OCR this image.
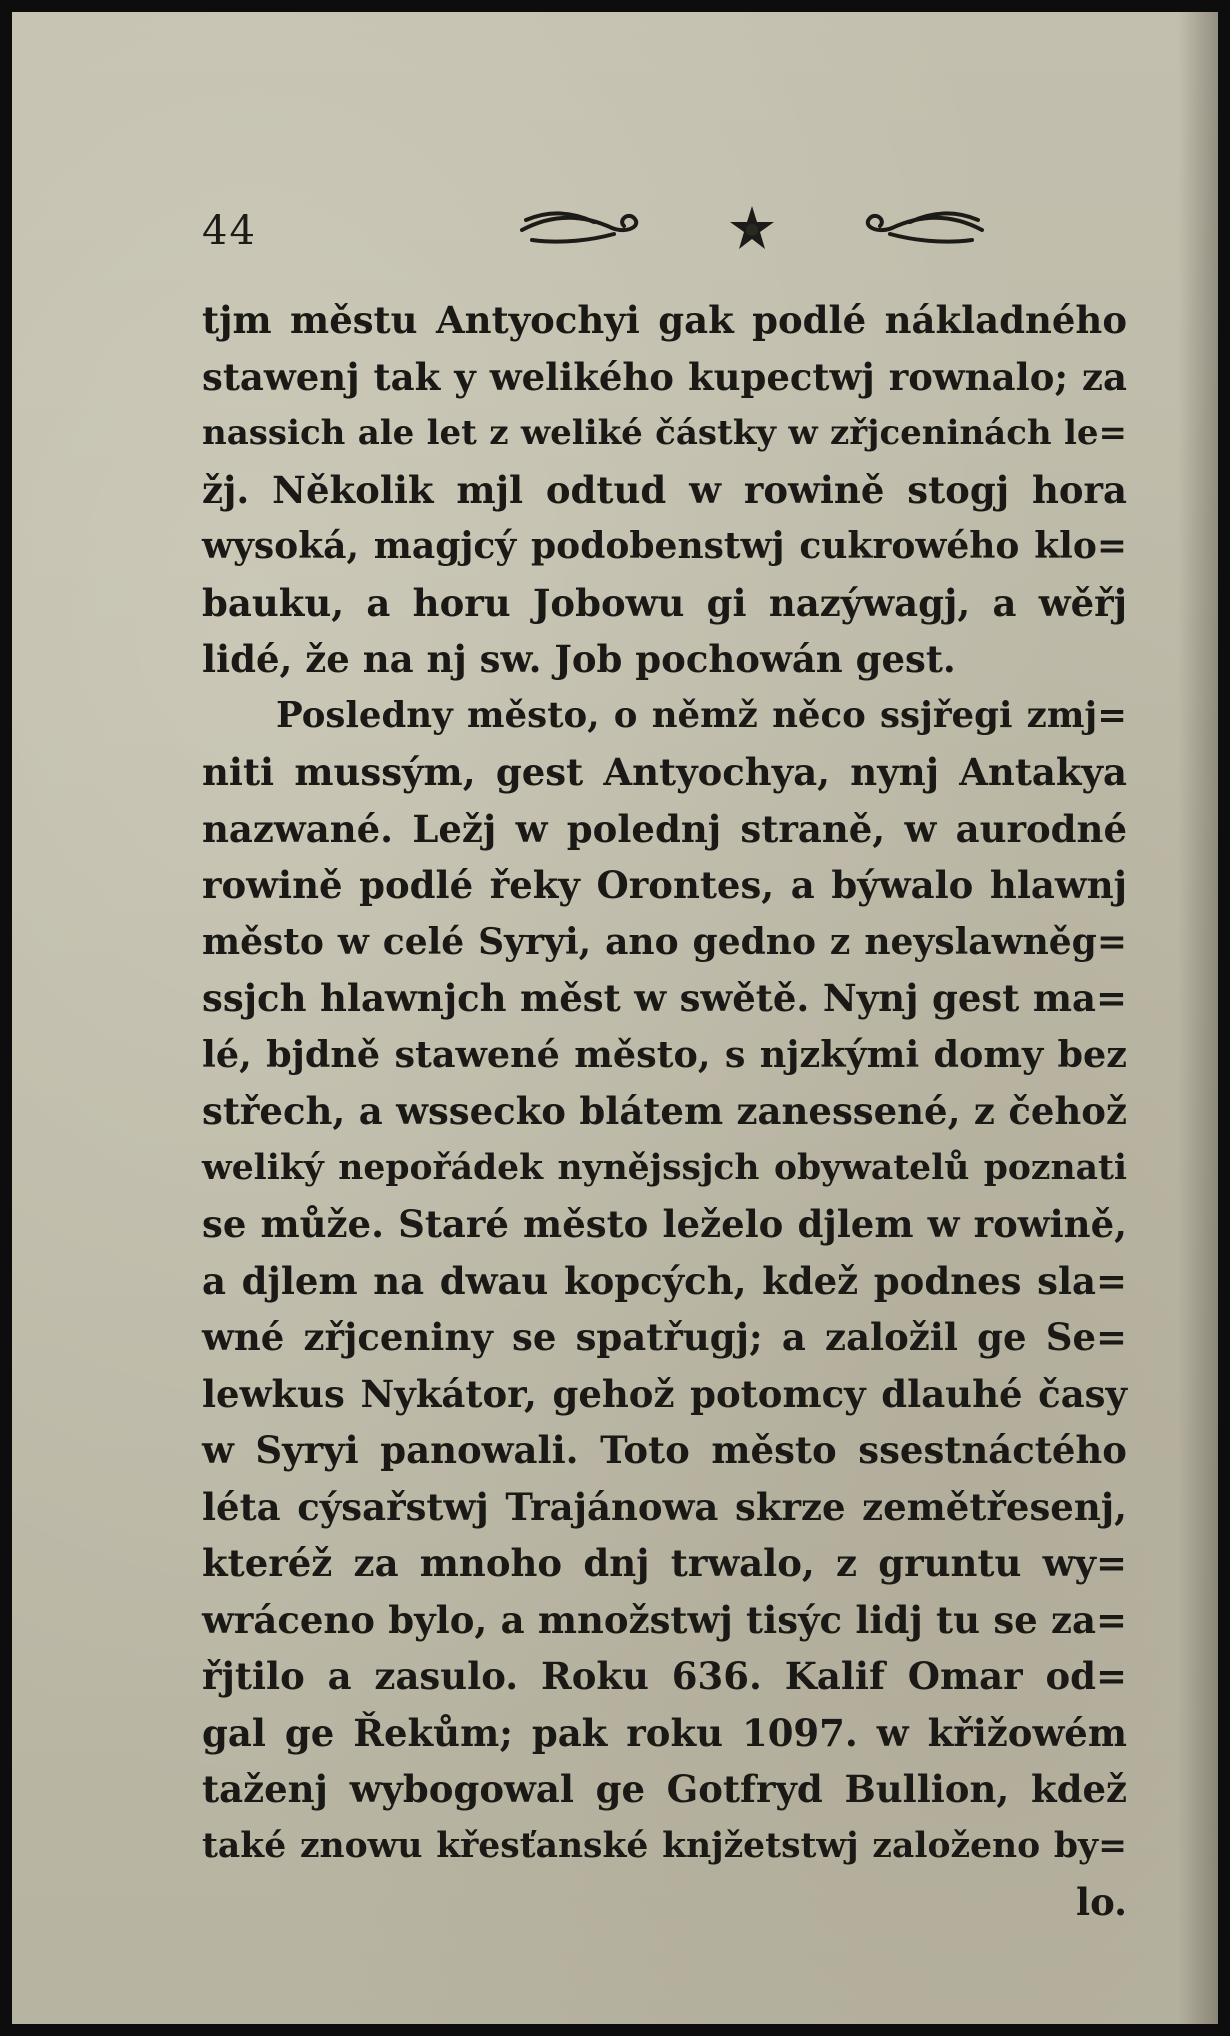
44
tjm městu Antyochyi gak podlé nákladného
stawenj tak y welikého kupectwj rownalo; za
nassich ale let z weliké částky w zřjceninách le=
žj. Několik mjl odtud w rowině stogj hora
wysoká, magjcý podobenstwj cukrowého klo=
bauku, a horu Jobowu gi nazýwagj, a wěřj
lidé, že na nj sw. Job pochowán gest.
Posledny město, o němž něco ssjřegi zmj=
niti mussým, gest Antyochya, nynj Antakya
nazwané. Ležj w polednj straně, w aurodné
rowině podlé řeky Orontes, a býwalo hlawnj
město w celé Syryi, ano gedno z neyslawněg=
ssjch hlawnjch měst w swětě. Nynj gest ma=
lé, bjdně stawené město, s njzkými domy bez
střech, a wsseckо blátem zanessené, z čehož
weliký nepořádek nynějssjch obywatelů poznati
se může. Staré město leželo djlem w rowině,
a djlem na dwau kopcých, kdež podnes sla=
wné zřjceniny se spatřugj; a založil ge Se=
lewkus Nykátor, gehož potomcy dlauhé časy
w Syryi panowali. Toto město ssestnáctého
léta cýsařstwj Trajánowa skrze zemětřesenj,
kteréž za mnoho dnj trwalo, z gruntu wy=
wráceno bylo, a množstwj tisýc lidj tu se za=
řjtilo a zasulo. Roku 636. Kalif Omar od=
gal ge Řekům; pak roku 1097. w křižowém
taženj wybogowal ge Gotfryd Bullion, kdež
také znowu křesťanské knjžetstwj založeno by=
lo.
